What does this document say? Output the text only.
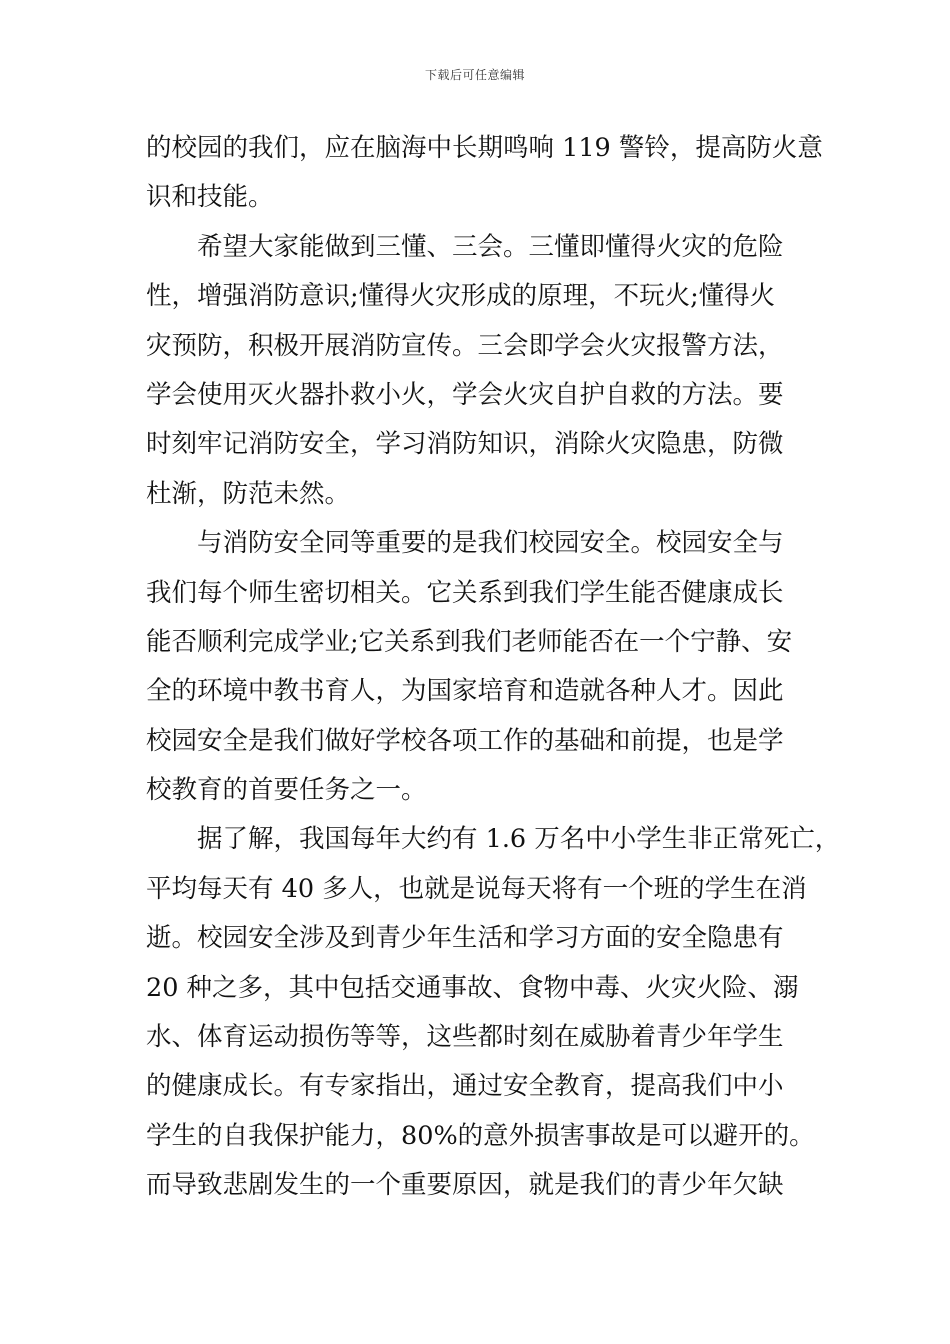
下载后可任意编辑
的校园的我们，应在脑海中长期鸣响 119 警铃，提高防火意
识和技能。
希望大家能做到三懂、三会。三懂即懂得火灾的危险
性，增强消防意识;懂得火灾形成的原理，不玩火;懂得火
灾预防，积极开展消防宣传。三会即学会火灾报警方法，
学会使用灭火器扑救小火，学会火灾自护自救的方法。要
时刻牢记消防安全，学习消防知识，消除火灾隐患，防微
杜渐，防范未然。
与消防安全同等重要的是我们校园安全。校园安全与
我们每个师生密切相关。它关系到我们学生能否健康成长
能否顺利完成学业;它关系到我们老师能否在一个宁静、安
全的环境中教书育人，为国家培育和造就各种人才。因此
校园安全是我们做好学校各项工作的基础和前提，也是学
校教育的首要任务之一。
据了解，我国每年大约有 1.6 万名中小学生非正常死亡，
平均每天有 40 多人，也就是说每天将有一个班的学生在消
逝。校园安全涉及到青少年生活和学习方面的安全隐患有
20 种之多，其中包括交通事故、食物中毒、火灾火险、溺
水、体育运动损伤等等，这些都时刻在威胁着青少年学生
的健康成长。有专家指出，通过安全教育，提高我们中小
学生的自我保护能力，80%的意外损害事故是可以避开的。
而导致悲剧发生的一个重要原因，就是我们的青少年欠缺
